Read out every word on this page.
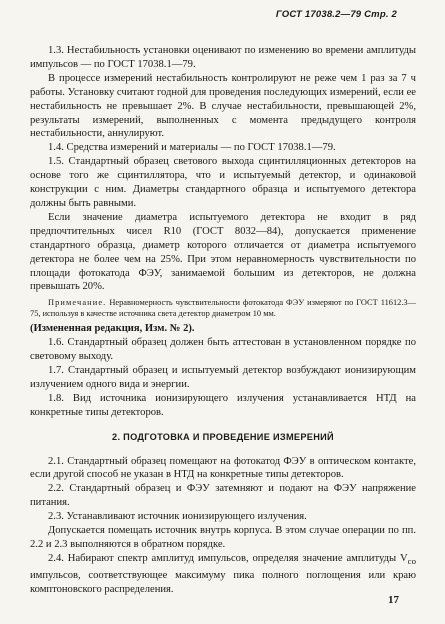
ГОСТ 17038.2—79 Стр. 2

1.3. Нестабильность установки оценивают по изменению во времени амплитуды импульсов — по ГОСТ 17038.1—79.

В процессе измерений нестабильность контролируют не реже чем 1 раз за 7 ч работы. Установку считают годной для проведения последующих измерений, если ее нестабильность не превышает 2%. В случае нестабильности, превышающей 2%, результаты измерений, выполненных с момента предыдущего контроля нестабильности, аннулируют.

1.4. Средства измерений и материалы — по ГОСТ 17038.1—79.

1.5. Стандартный образец светового выхода сцинтилляционных детекторов на основе того же сцинтиллятора, что и испытуемый детектор, и одинаковой конструкции с ним. Диаметры стандартного образца и испытуемого детектора должны быть равными.

Если значение диаметра испытуемого детектора не входит в ряд предпочтительных чисел R10 (ГОСТ 8032—84), допускается применение стандартного образца, диаметр которого отличается от диаметра испытуемого детектора не более чем на 25%. При этом неравномерность чувствительности по площади фотокатода ФЭУ, занимаемой большим из детекторов, не должна превышать 20%.

Примечание. Неравномерность чувствительности фотокатода ФЭУ измеряют по ГОСТ 11612.3—75, используя в качестве источника света детектор диаметром 10 мм.

(Измененная редакция, Изм. № 2).

1.6. Стандартный образец должен быть аттестован в установленном порядке по световому выходу.

1.7. Стандартный образец и испытуемый детектор возбуждают ионизирующим излучением одного вида и энергии.

1.8. Вид источника ионизирующего излучения устанавливается НТД на конкретные типы детекторов.

2. ПОДГОТОВКА И ПРОВЕДЕНИЕ ИЗМЕРЕНИЙ

2.1. Стандартный образец помещают на фотокатод ФЭУ в оптическом контакте, если другой способ не указан в НТД на конкретные типы детекторов.

2.2. Стандартный образец и ФЭУ затемняют и подают на ФЭУ напряжение питания.

2.3. Устанавливают источник ионизирующего излучения.

Допускается помещать источник внутрь корпуса. В этом случае операции по пп. 2.2 и 2.3 выполняются в обратном порядке.

2.4. Набирают спектр амплитуд импульсов, определяя значение амплитуды $V_{со}$ импульсов, соответствующее максимуму пика полного поглощения или краю комптоновского распределения.

17
